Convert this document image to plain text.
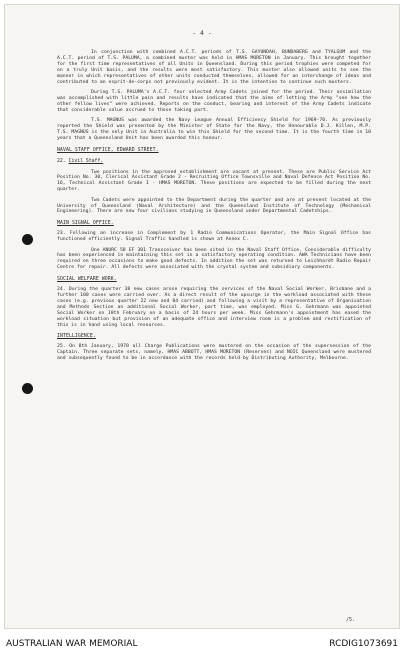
- 4 -

In conjunction with combined A.C.T. periods of T.S. GAYUNDAH, BUNDABERG and TYALGUM and the A.C.T. period of T.S. PALUMA, a combined muster was held in HMAS MORETON in January. This brought together for the first time representatives of all Units in Queensland. During this period trophies were competed for on a truly Unit basis, and the results were most satisfactory. This muster also allowed units to see the manner in which representatives of other units conducted themselves, allowed for an interchange of ideas and contributed to an esprit-de-corps not previously evident. It is the intention to continue such musters.

During T.S. PALUMA's A.C.T. four selected Army Cadets joined for the period. Their assimilation was accomplished with little pain and results have indicated that the aims of letting the Army "see how the other fellow lives" were achieved. Reports on the conduct, bearing and interest of the Army Cadets indicate that considerable value accrued to those taking part.

T.S. MAGNUS was awarded the Navy League Annual Efficiency Shield for 1969-70. As previously reported the Shield was presented by the Minister of State for the Navy, the Honourable D.J. Killen, M.P. T.S. MAGNUS is the only Unit in Australia to win this Shield for the second time. It is the fourth time in 10 years that a Queensland Unit has been awarded this honour.

NAVAL STAFF OFFICE, EDWARD STREET.
22. Civil Staff.

Two positions in the approved establishment are vacant at present. These are Public Service Act Position No. 30, Clerical Assistant Grade 2 - Recruiting Office Townsville and Naval Defence Act Position No. 16, Technical Assistant Grade I - HMAS MORETON. These positions are expected to be filled during the next quarter.

Two Cadets were appointed to the Department during the quarter and are at present located at the University of Queensland (Naval Architecture) and the Queensland Institute of Technology (Mechanical Engineering). There are now four civilians studying in Queensland under Departmental Cadetships.

MAIN SIGNAL OFFICE.

23. Following an increase in Complement by 1 Radio Communications Operator, the Main Signal Office has functioned efficiently. Signal Traffic handled is shown at Annex C.

One ANURC 58 EF 301 Transceiver has been sited in the Naval Staff Office. Considerable difficulty has been experienced in maintaining this set in a satisfactory operating condition. AWA Technicians have been required on three occasions to make good defects. In addition the set was returned to Leichhardt Radio Repair Centre for repair. All defects were associated with the crystal system and subsidiary components.

SOCIAL WELFARE WORK.

24. During the quarter 38 new cases arose requiring the services of the Naval Social Worker, Brisbane and a further 100 cases were carried over. As a direct result of the upsurge in the workload associated with these cases (e.g. previous quarter 22 new and 84 carried) and following a visit by a representative of Organisation and Methods Section an additional Social Worker, part time, was employed. Miss G. Gehrmann was appointed Social Worker on 10th February on a basis of 24 hours per week. Miss Gehrmann's appointment has eased the workload situation but provision of an adequate office and interview room is a problem and rectification of this is in hand using local resources.

INTELLIGENCE.

25. On 8th January, 1970 all Charge Publications were mustered on the occasion of the supersession of the Captain. Three separate sets, namely, HMAS ABBOTT, HMAS MORETON (Reserves) and NOIC Queensland were mustered and subsequently found to be in accordance with the records held by Distributing Authority, Melbourne.

/5.
AUSTRALIAN WAR MEMORIAL	RCDIG1073691
